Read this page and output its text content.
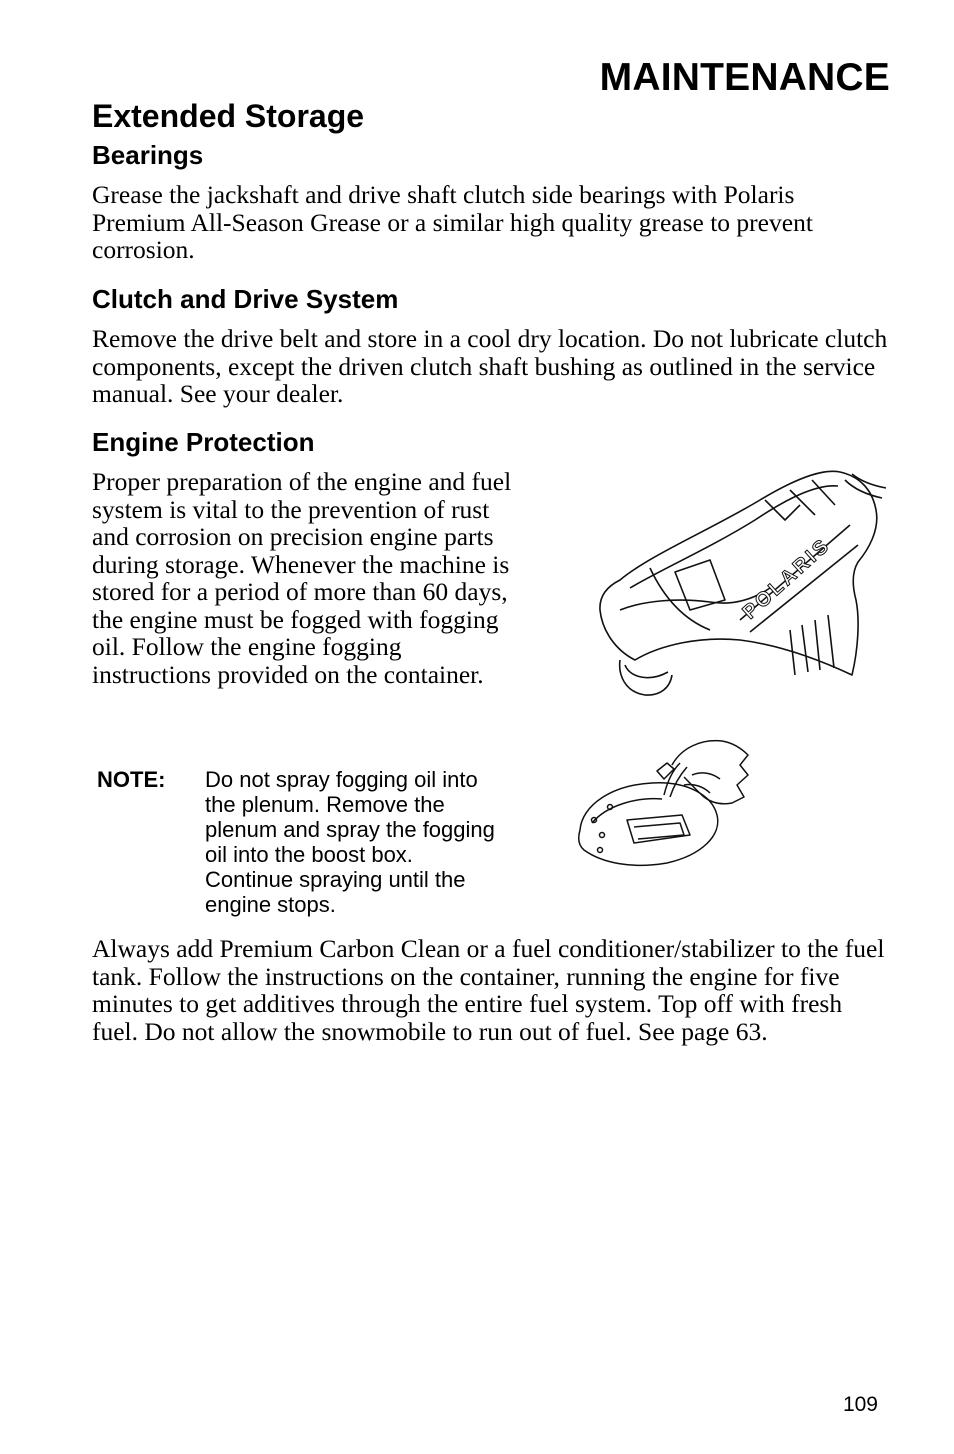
MAINTENANCE
Extended Storage
Bearings

Grease the jackshaft and drive shaft clutch side bearings with Polaris Premium All-Season Grease or a similar high quality grease to prevent corrosion.

Clutch and Drive System

Remove the drive belt and store in a cool dry location. Do not lubricate clutch components, except the driven clutch shaft bushing as outlined in the service manual. See your dealer.

Engine Protection

Proper preparation of the engine and fuel system is vital to the prevention of rust and corrosion on precision engine parts during storage. Whenever the machine is stored for a period of more than 60 days, the engine must be fogged with fogging oil. Follow the engine fogging instructions provided on the container.

NOTE: Do not spray fogging oil into the plenum. Remove the plenum and spray the fogging oil into the boost box. Continue spraying until the engine stops.

Always add Premium Carbon Clean or a fuel conditioner/stabilizer to the fuel tank. Follow the instructions on the container, running the engine for five minutes to get additives through the entire fuel system. Top off with fresh fuel. Do not allow the snowmobile to run out of fuel. See page 63.

POLARIS
109
